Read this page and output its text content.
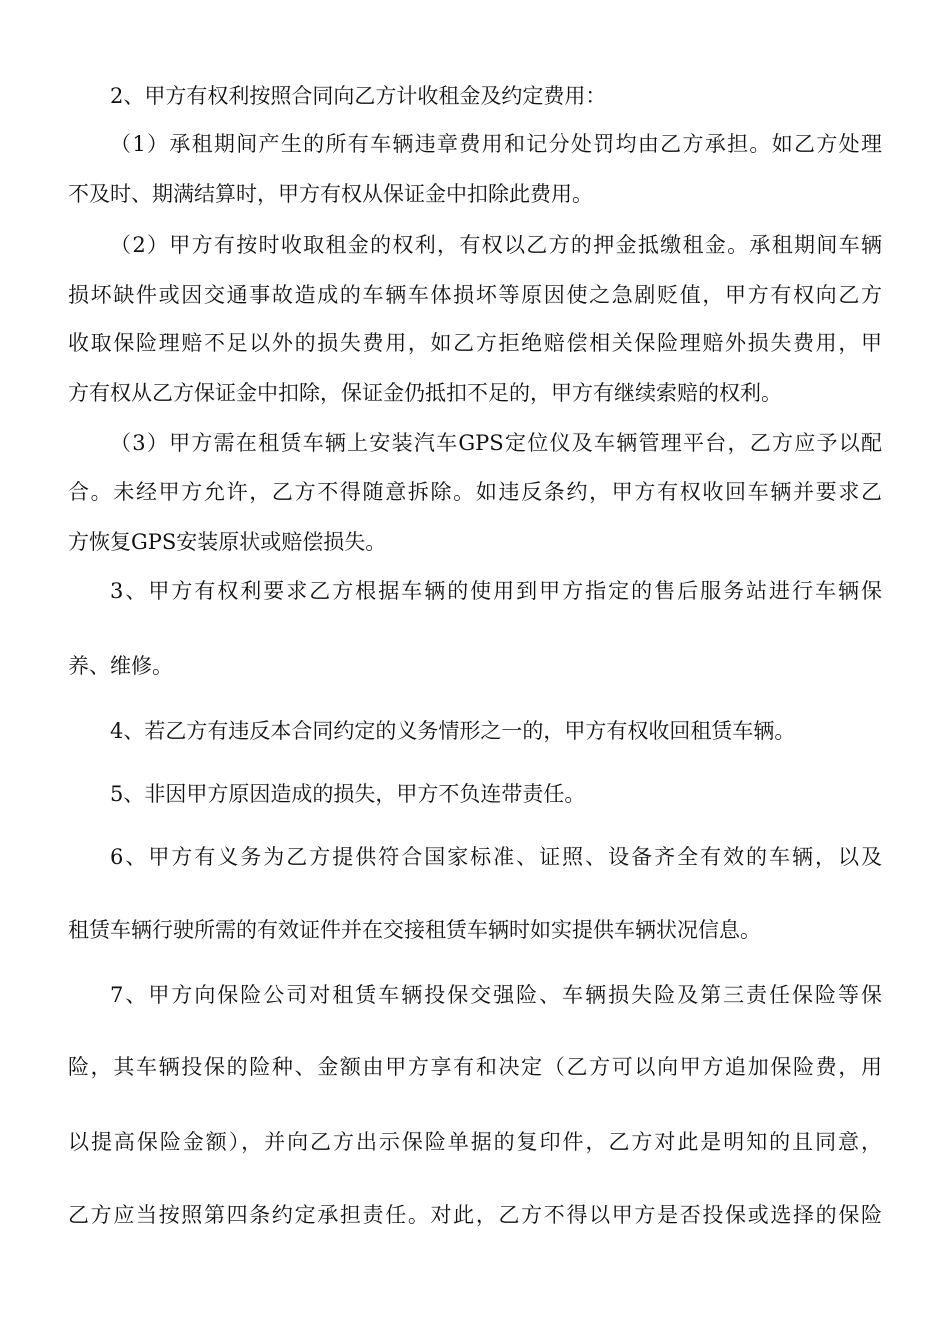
2、甲方有权利按照合同向乙方计收租金及约定费用：
（1）承租期间产生的所有车辆违章费用和记分处罚均由乙方承担。如乙方处理
不及时、期满结算时，甲方有权从保证金中扣除此费用。
（2）甲方有按时收取租金的权利，有权以乙方的押金抵缴租金。承租期间车辆
损坏缺件或因交通事故造成的车辆车体损坏等原因使之急剧贬值，甲方有权向乙方
收取保险理赔不足以外的损失费用，如乙方拒绝赔偿相关保险理赔外损失费用，甲
方有权从乙方保证金中扣除，保证金仍抵扣不足的，甲方有继续索赔的权利。
（3）甲方需在租赁车辆上安装汽车GPS定位仪及车辆管理平台，乙方应予以配
合。未经甲方允许，乙方不得随意拆除。如违反条约，甲方有权收回车辆并要求乙
方恢复GPS安装原状或赔偿损失。
3、甲方有权利要求乙方根据车辆的使用到甲方指定的售后服务站进行车辆保
养、维修。
4、若乙方有违反本合同约定的义务情形之一的，甲方有权收回租赁车辆。
5、非因甲方原因造成的损失，甲方不负连带责任。
6、甲方有义务为乙方提供符合国家标准、证照、设备齐全有效的车辆，以及
租赁车辆行驶所需的有效证件并在交接租赁车辆时如实提供车辆状况信息。
7、甲方向保险公司对租赁车辆投保交强险、车辆损失险及第三责任保险等保
险，其车辆投保的险种、金额由甲方享有和决定（乙方可以向甲方追加保险费，用
以提高保险金额），并向乙方出示保险单据的复印件，乙方对此是明知的且同意，
乙方应当按照第四条约定承担责任。对此，乙方不得以甲方是否投保或选择的保险
